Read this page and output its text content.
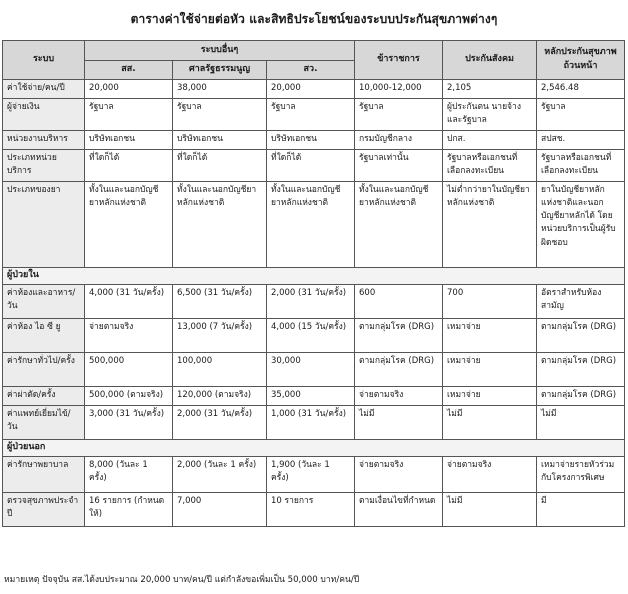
ตารางค่าใช้จ่ายต่อหัว และสิทธิประโยชน์ของระบบประกันสุขภาพต่างๆ
ระบบ	ระบบอื่นๆ			ข้าราชการ	ประกันสังคม	หลักประกันสุขภาพถ้วนหน้า
	สส.	ศาลรัฐธรรมนูญ	สว.			
ค่าใช้จ่าย/คน/ปี	20,000	38,000	20,000	10,000-12,000	2,105	2,546.48
ผู้จ่ายเงิน	รัฐบาล	รัฐบาล	รัฐบาล	รัฐบาล	ผู้ประกันตน นายจ้าง และรัฐบาล	รัฐบาล
หน่วยงานบริหาร	บริษัทเอกชน	บริษัทเอกชน	บริษัทเอกชน	กรมบัญชีกลาง	ปกส.	สปสช.
ประเภทหน่วยบริการ	ที่ใดก็ได้	ที่ใดก็ได้	ที่ใดก็ได้	รัฐบาลเท่านั้น	รัฐบาลหรือเอกชนที่เลือกลงทะเบียน	รัฐบาลหรือเอกชนที่เลือกลงทะเบียน
ประเภทของยา	ทั้งในและนอกบัญชียาหลักแห่งชาติ	ทั้งในและนอกบัญชียาหลักแห่งชาติ	ทั้งในและนอกบัญชียาหลักแห่งชาติ	ทั้งในและนอกบัญชียาหลักแห่งชาติ	ไม่ต่ำกว่ายาในบัญชียาหลักแห่งชาติ	ยาในบัญชียาหลักแห่งชาติและนอกบัญชียาหลักได้ โดยหน่วยบริการเป็นผู้รับผิดชอบ
ผู้ป่วยใน						
ค่าห้องและอาหาร/วัน	4,000 (31 วัน/ครั้ง)	6,500 (31 วัน/ครั้ง)	2,000 (31 วัน/ครั้ง)	600	700	อัตราสำหรับห้องสามัญ
ค่าห้อง ไอ ซี ยู	จ่ายตามจริง	13,000 (7 วัน/ครั้ง)	4,000 (15 วัน/ครั้ง)	ตามกลุ่มโรค (DRG)	เหมาจ่าย	ตามกลุ่มโรค (DRG)
ค่ารักษาทั่วไป/ครั้ง	500,000	100,000	30,000	ตามกลุ่มโรค (DRG)	เหมาจ่าย	ตามกลุ่มโรค (DRG)
ค่าผ่าตัด/ครั้ง	500,000 (ตามจริง)	120,000 (ตามจริง)	35,000	จ่ายตามจริง	เหมาจ่าย	ตามกลุ่มโรค (DRG)
ค่าแพทย์เยี่ยมไข้/วัน	3,000 (31 วัน/ครั้ง)	2,000 (31 วัน/ครั้ง)	1,000 (31 วัน/ครั้ง)	ไม่มี	ไม่มี	ไม่มี
ผู้ป่วยนอก						
ค่ารักษาพยาบาล	8,000 (วันละ 1 ครั้ง)	2,000 (วันละ 1 ครั้ง)	1,900 (วันละ 1 ครั้ง)	จ่ายตามจริง	จ่ายตามจริง	เหมาจ่ายรายหัวร่วมกับโครงการพิเศษ
ตรวจสุขภาพประจำปี	16 รายการ (กำหนดให้)	7,000	10 รายการ	ตามเงื่อนไขที่กำหนด	ไม่มี	มี
หมายเหตุ ปัจจุบัน สส.ได้งบประมาณ 20,000 บาท/คน/ปี แต่กำลังขอเพิ่มเป็น 50,000 บาท/คน/ปี
